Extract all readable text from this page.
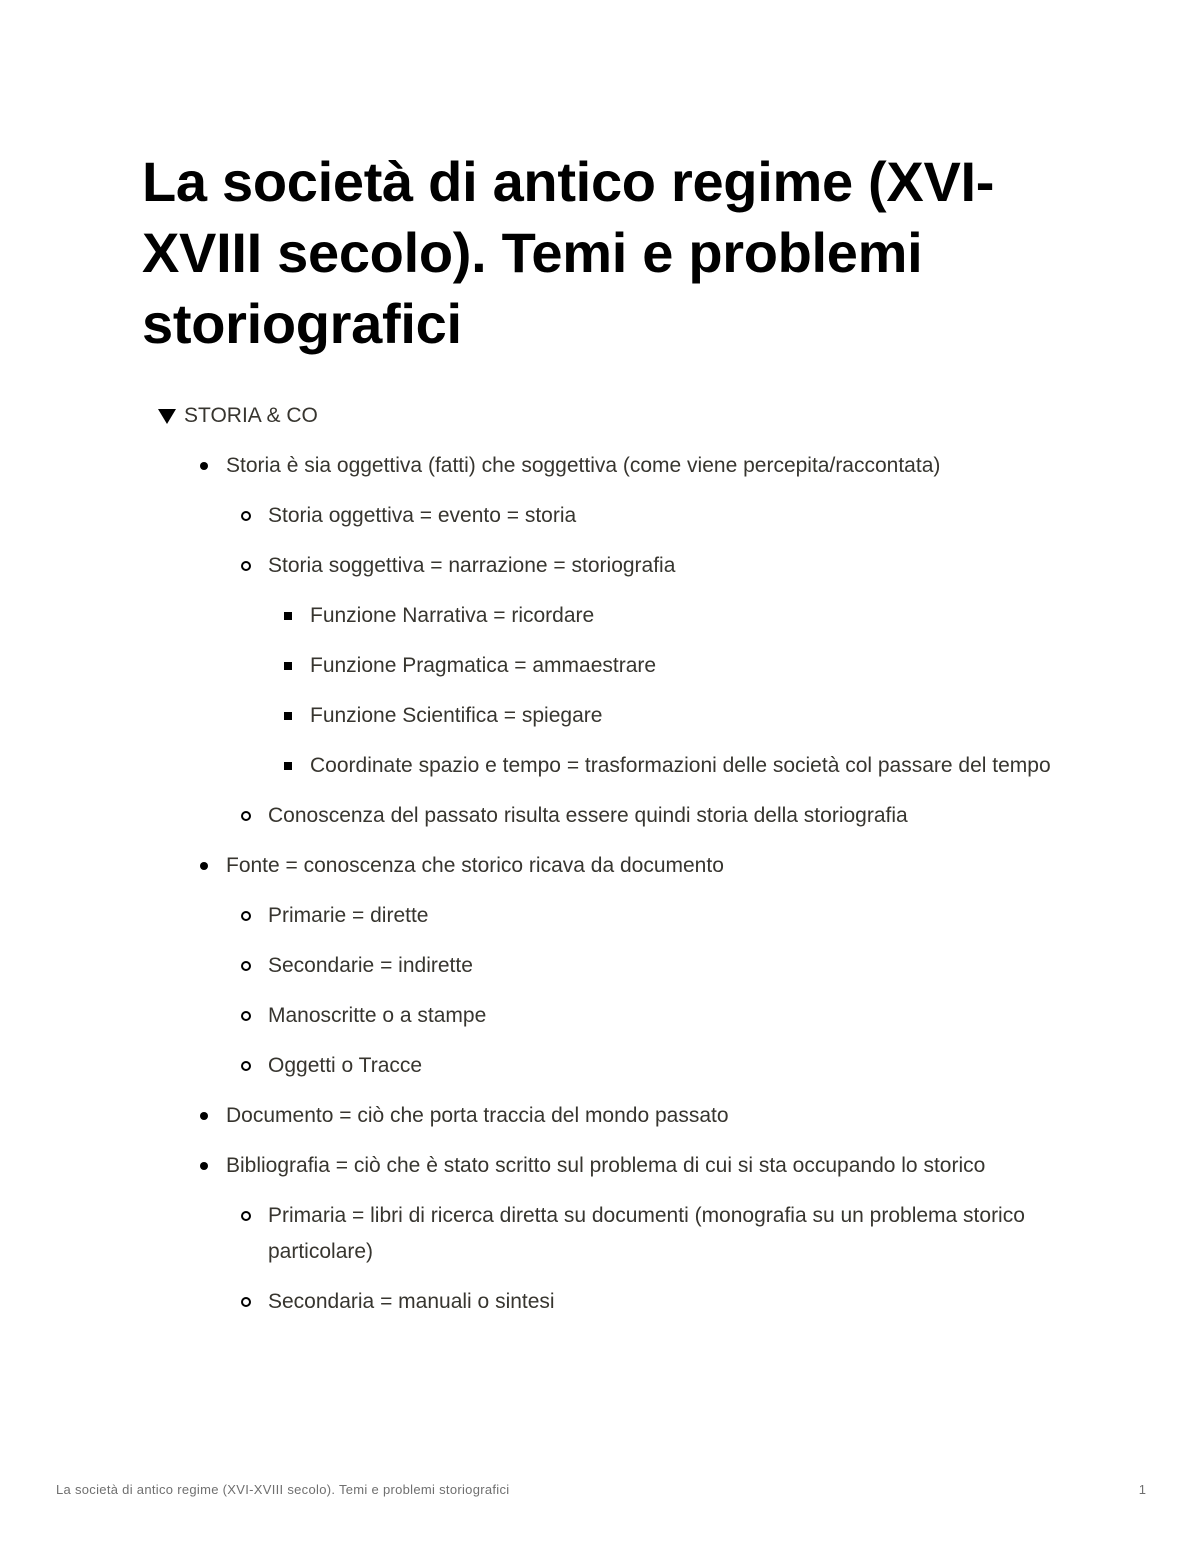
La società di antico regime (XVI-XVIII secolo). Temi e problemi storiografici
STORIA & CO
Storia è sia oggettiva (fatti) che soggettiva (come viene percepita/raccontata)
Storia oggettiva = evento = storia
Storia soggettiva = narrazione = storiografia
Funzione Narrativa = ricordare
Funzione Pragmatica = ammaestrare
Funzione Scientifica = spiegare
Coordinate spazio e tempo = trasformazioni delle società col passare del tempo
Conoscenza del passato risulta essere quindi storia della storiografia
Fonte = conoscenza che storico ricava da documento
Primarie = dirette
Secondarie = indirette
Manoscritte o a stampe
Oggetti o Tracce
Documento = ciò che porta traccia del mondo passato
Bibliografia = ciò che è stato scritto sul problema di cui si sta occupando lo storico
Primaria = libri di ricerca diretta su documenti (monografia su un problema storico particolare)
Secondaria = manuali o sintesi
La società di antico regime (XVI-XVIII secolo). Temi e problemi storiografici	1
